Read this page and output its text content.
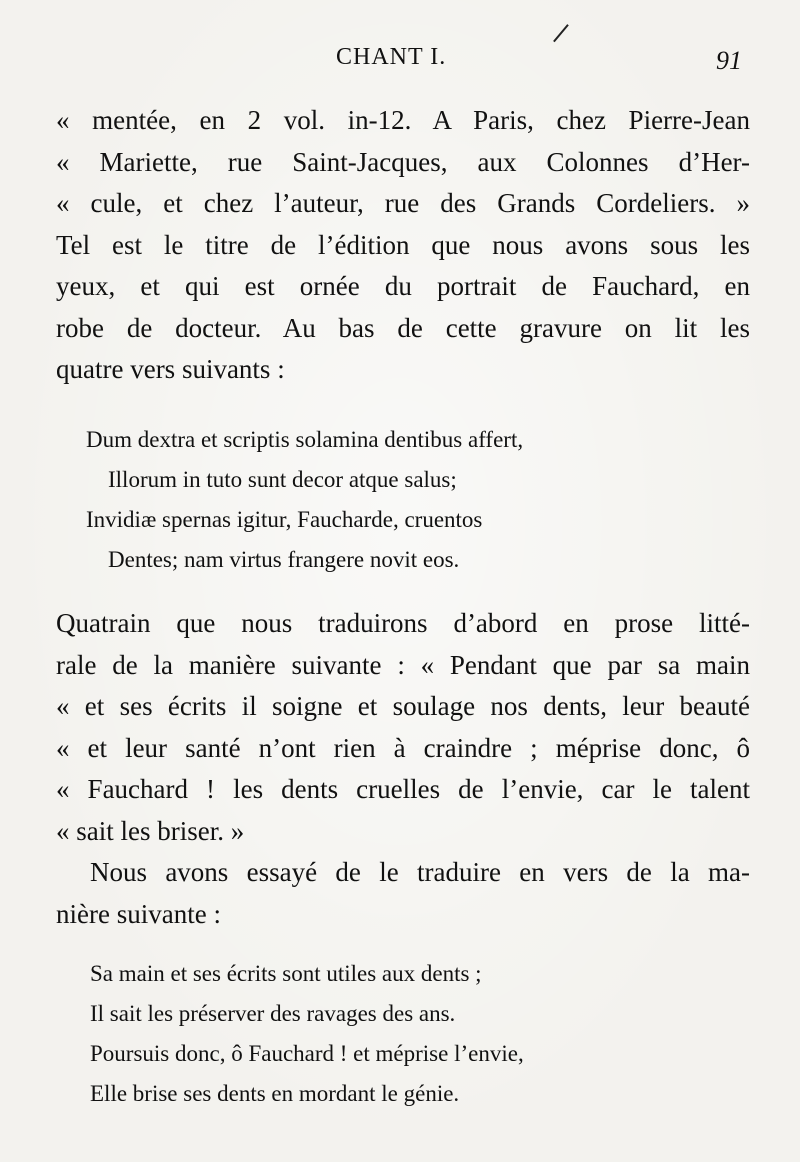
CHANT I.	91
« mentée, en 2 vol. in-12. A Paris, chez Pierre-Jean
« Mariette, rue Saint-Jacques, aux Colonnes d’Her-
« cule, et chez l’auteur, rue des Grands Cordeliers. »
Tel est le titre de l’édition que nous avons sous les
yeux, et qui est ornée du portrait de Fauchard, en
robe de docteur. Au bas de cette gravure on lit les
quatre vers suivants :
Dum dextra et scriptis solamina dentibus affert,
Illorum in tuto sunt decor atque salus;
Invidiæ spernas igitur, Faucharde, cruentos
Dentes; nam virtus frangere novit eos.
Quatrain que nous traduirons d’abord en prose litté-
rale de la manière suivante : « Pendant que par sa main
« et ses écrits il soigne et soulage nos dents, leur beauté
« et leur santé n’ont rien à craindre ; méprise donc, ô
« Fauchard ! les dents cruelles de l’envie, car le talent
« sait les briser. »
Nous avons essayé de le traduire en vers de la ma-
nière suivante :
Sa main et ses écrits sont utiles aux dents ;
Il sait les préserver des ravages des ans.
Poursuis donc, ô Fauchard ! et méprise l’envie,
Elle brise ses dents en mordant le génie.
